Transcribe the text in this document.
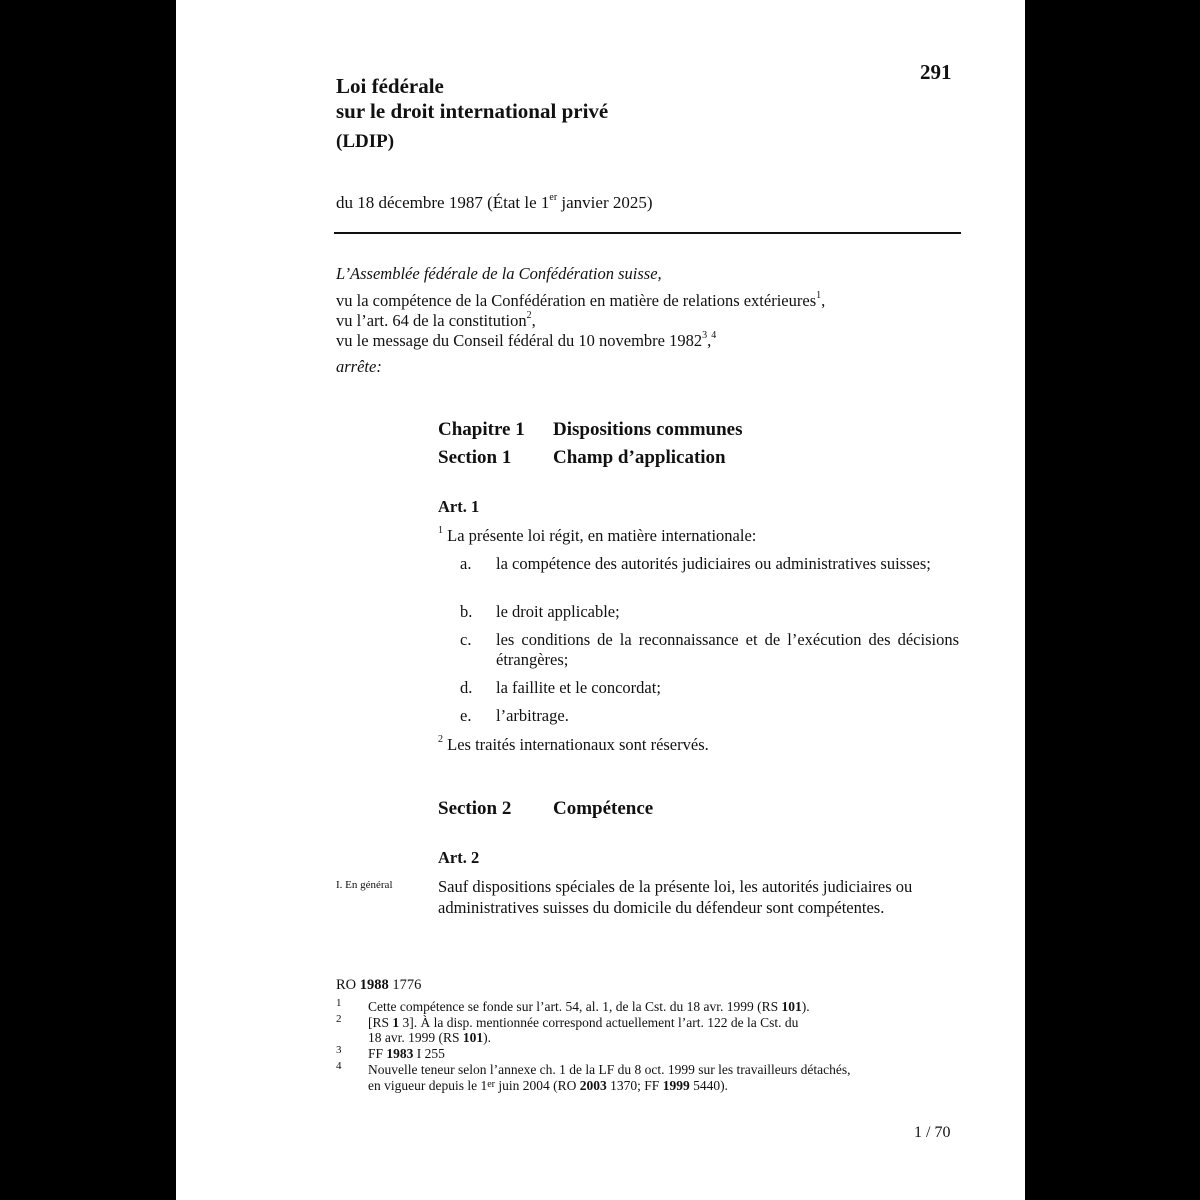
291
Loi fédérale
sur le droit international privé
(LDIP)
du 18 décembre 1987 (État le 1er janvier 2025)
L’Assemblée fédérale de la Confédération suisse,
vu la compétence de la Confédération en matière de relations extérieures$^1$,
vu l’art. 64 de la constitution$^2$,
vu le message du Conseil fédéral du 10 novembre 1982$^3$,$^4$
arrête:
Chapitre 1 Dispositions communes
Section 1 Champ d’application
Art. 1
$^1$ La présente loi régit, en matière internationale:
a. la compétence des autorités judiciaires ou administratives suisses;
b. le droit applicable;
c. les conditions de la reconnaissance et de l’exécution des décisions étrangères;
d. la faillite et le concordat;
e. l’arbitrage.
$^2$ Les traités internationaux sont réservés.
Section 2 Compétence
Art. 2
I. En général	Sauf dispositions spéciales de la présente loi, les autorités judiciaires ou
administratives suisses du domicile du défendeur sont compétentes.
RO 1988 1776
1 Cette compétence se fonde sur l’art. 54, al. 1, de la Cst. du 18 avr. 1999 (RS 101).
2 [RS 1 3]. À la disp. mentionnée correspond actuellement l’art. 122 de la Cst. du
18 avr. 1999 (RS 101).
3 FF 1983 I 255
4 Nouvelle teneur selon l’annexe ch. 1 de la LF du 8 oct. 1999 sur les travailleurs détachés,
en vigueur depuis le 1er juin 2004 (RO 2003 1370; FF 1999 5440).
1 / 70
